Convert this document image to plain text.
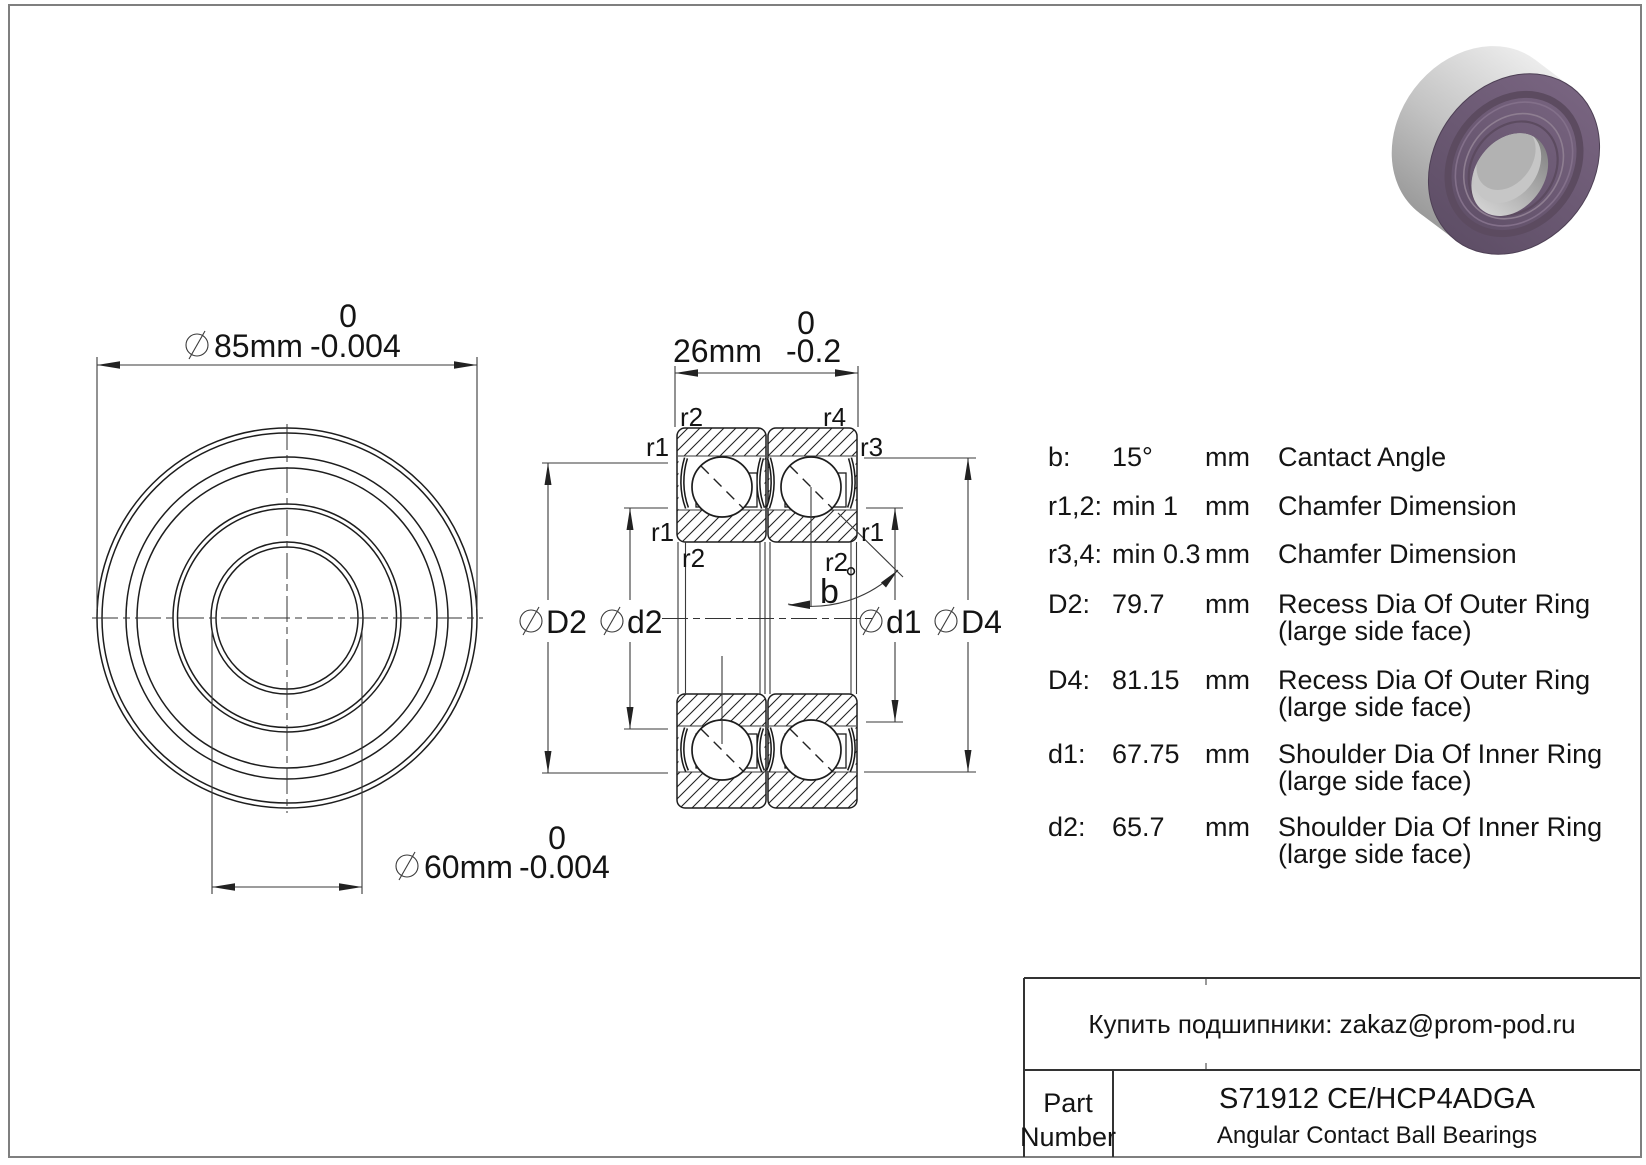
85mm -0.004
0
60mm -0.004
0
r2
°
b
26mm -0.2
0
r2	r4
r1	r3
r1
r2
r1
D2 d2	d1 D4
b: 15° mm Cantact Angle
r1,2: min 1 mm Chamfer Dimension
r3,4: min 0.3 mm Chamfer Dimension
D2: 79.7 mm Recess Dia Of Outer Ring
(large side face)
D4: 81.15 mm Recess Dia Of Outer Ring
(large side face)
d1: 67.75 mm Shoulder Dia Of Inner Ring
(large side face)
d2: 65.7 mm Shoulder Dia Of Inner Ring
(large side face)
Купить подшипники: zakaz@prom-pod.ru
Part
Number
S71912 CE/HCP4ADGA
Angular Contact Ball Bearings
